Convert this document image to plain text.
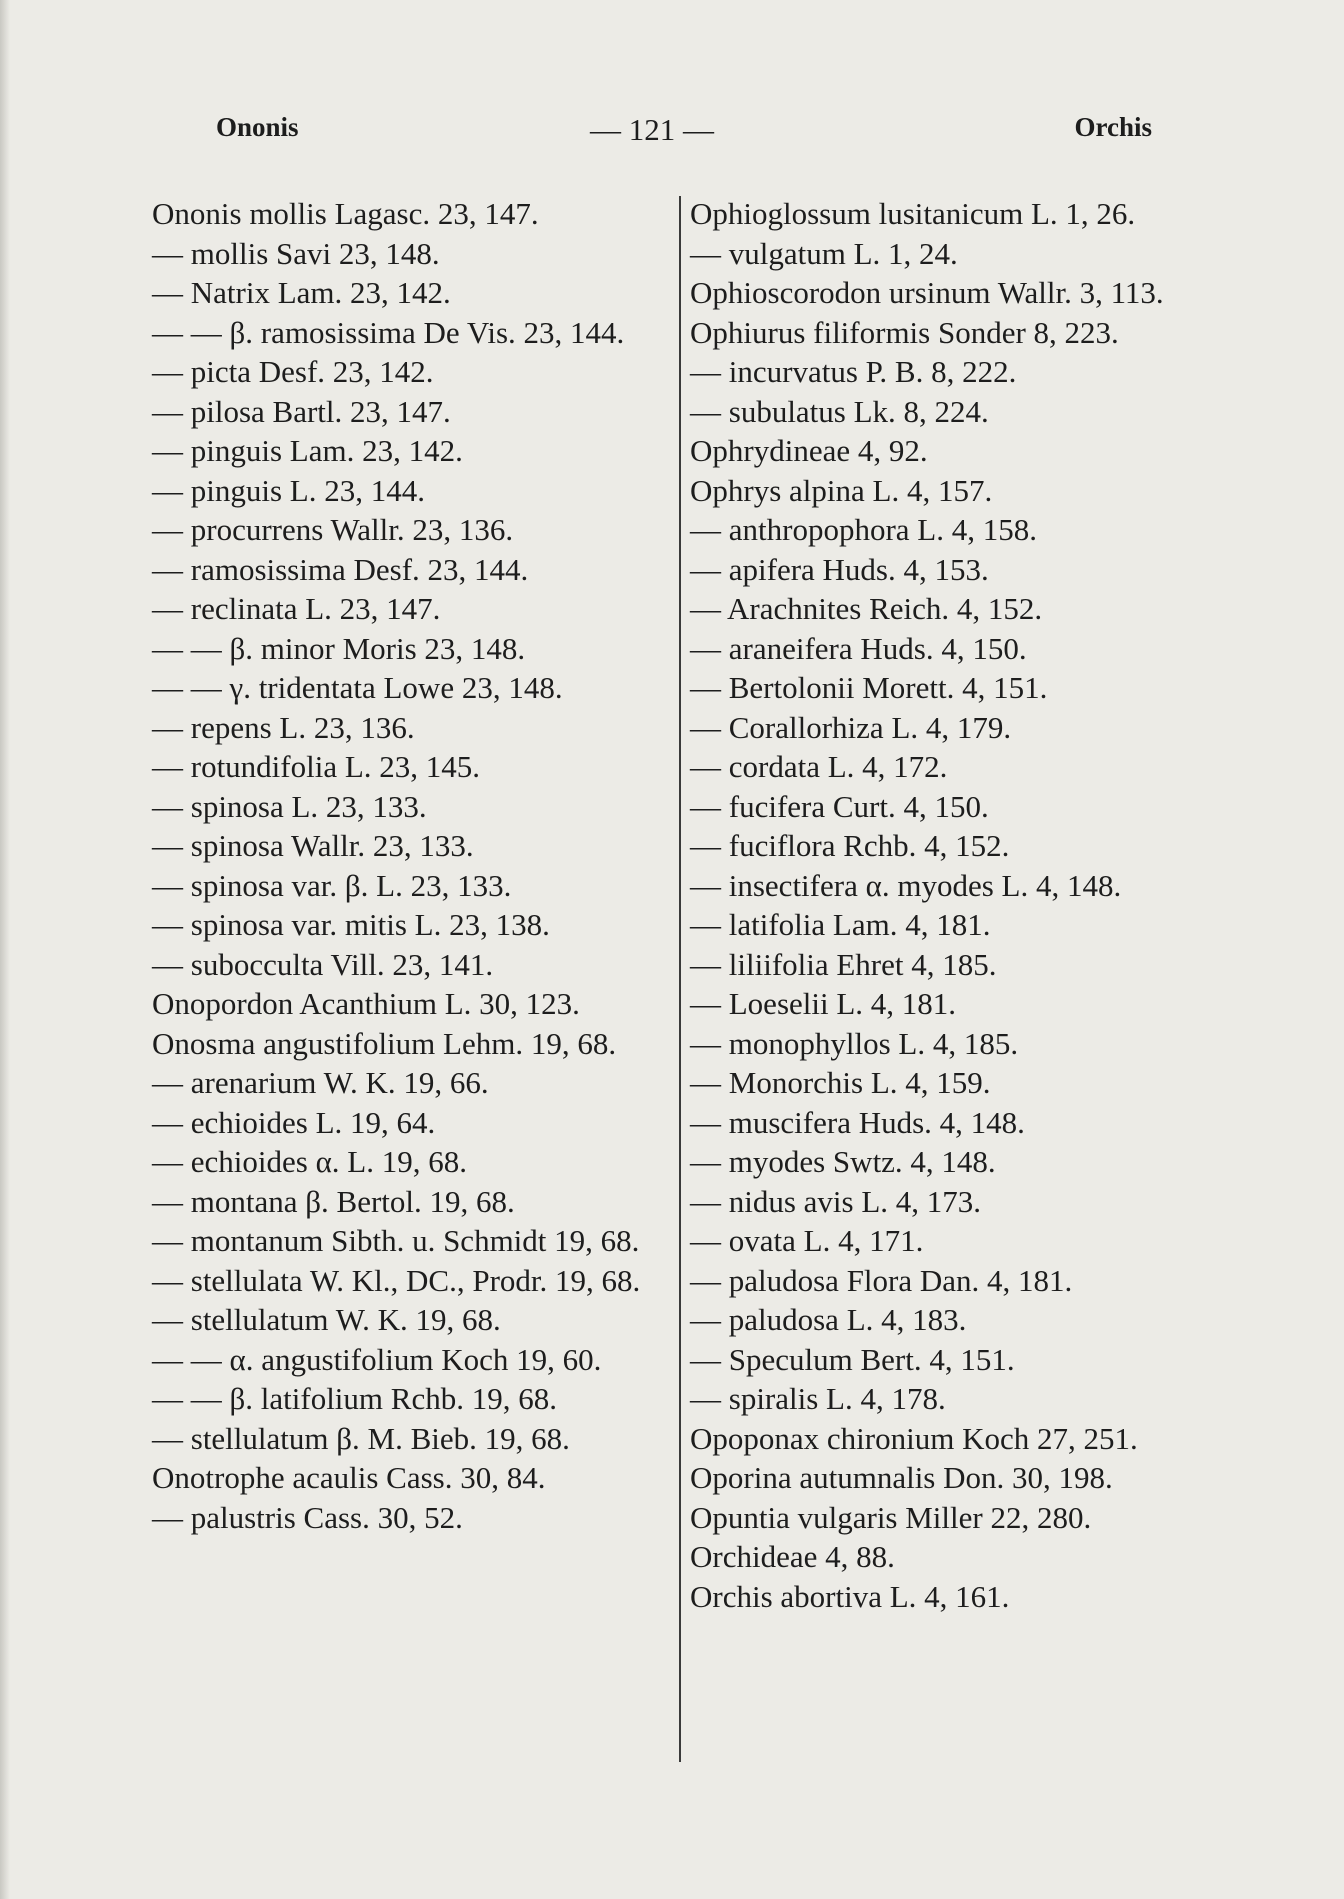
Ononis	— 121 —	Orchis
Ononis mollis Lagasc. 23, 147.
— mollis Savi 23, 148.
— Natrix Lam. 23, 142.
— — β. ramosissima De Vis. 23, 144.
— picta Desf. 23, 142.
— pilosa Bartl. 23, 147.
— pinguis Lam. 23, 142.
— pinguis L. 23, 144.
— procurrens Wallr. 23, 136.
— ramosissima Desf. 23, 144.
— reclinata L. 23, 147.
— — β. minor Moris 23, 148.
— — γ. tridentata Lowe 23, 148.
— repens L. 23, 136.
— rotundifolia L. 23, 145.
— spinosa L. 23, 133.
— spinosa Wallr. 23, 133.
— spinosa var. β. L. 23, 133.
— spinosa var. mitis L. 23, 138.
— subocculta Vill. 23, 141.
Onopordon Acanthium L. 30, 123.
Onosma angustifolium Lehm. 19, 68.
— arenarium W. K. 19, 66.
— echioides L. 19, 64.
— echioides α. L. 19, 68.
— montana β. Bertol. 19, 68.
— montanum Sibth. u. Schmidt 19, 68.
— stellulata W. Kl., DC., Prodr. 19, 68.
— stellulatum W. K. 19, 68.
— — α. angustifolium Koch 19, 60.
— — β. latifolium Rchb. 19, 68.
— stellulatum β. M. Bieb. 19, 68.
Onotrophe acaulis Cass. 30, 84.
— palustris Cass. 30, 52.
Ophioglossum lusitanicum L. 1, 26.
— vulgatum L. 1, 24.
Ophioscorodon ursinum Wallr. 3, 113.
Ophiurus filiformis Sonder 8, 223.
— incurvatus P. B. 8, 222.
— subulatus Lk. 8, 224.
Ophrydineae 4, 92.
Ophrys alpina L. 4, 157.
— anthropophora L. 4, 158.
— apifera Huds. 4, 153.
— Arachnites Reich. 4, 152.
— araneifera Huds. 4, 150.
— Bertolonii Morett. 4, 151.
— Corallorhiza L. 4, 179.
— cordata L. 4, 172.
— fucifera Curt. 4, 150.
— fuciflora Rchb. 4, 152.
— insectifera α. myodes L. 4, 148.
— latifolia Lam. 4, 181.
— liliifolia Ehret 4, 185.
— Loeselii L. 4, 181.
— monophyllos L. 4, 185.
— Monorchis L. 4, 159.
— muscifera Huds. 4, 148.
— myodes Swtz. 4, 148.
— nidus avis L. 4, 173.
— ovata L. 4, 171.
— paludosa Flora Dan. 4, 181.
— paludosa L. 4, 183.
— Speculum Bert. 4, 151.
— spiralis L. 4, 178.
Opoponax chironium Koch 27, 251.
Oporina autumnalis Don. 30, 198.
Opuntia vulgaris Miller 22, 280.
Orchideae 4, 88.
Orchis abortiva L. 4, 161.
